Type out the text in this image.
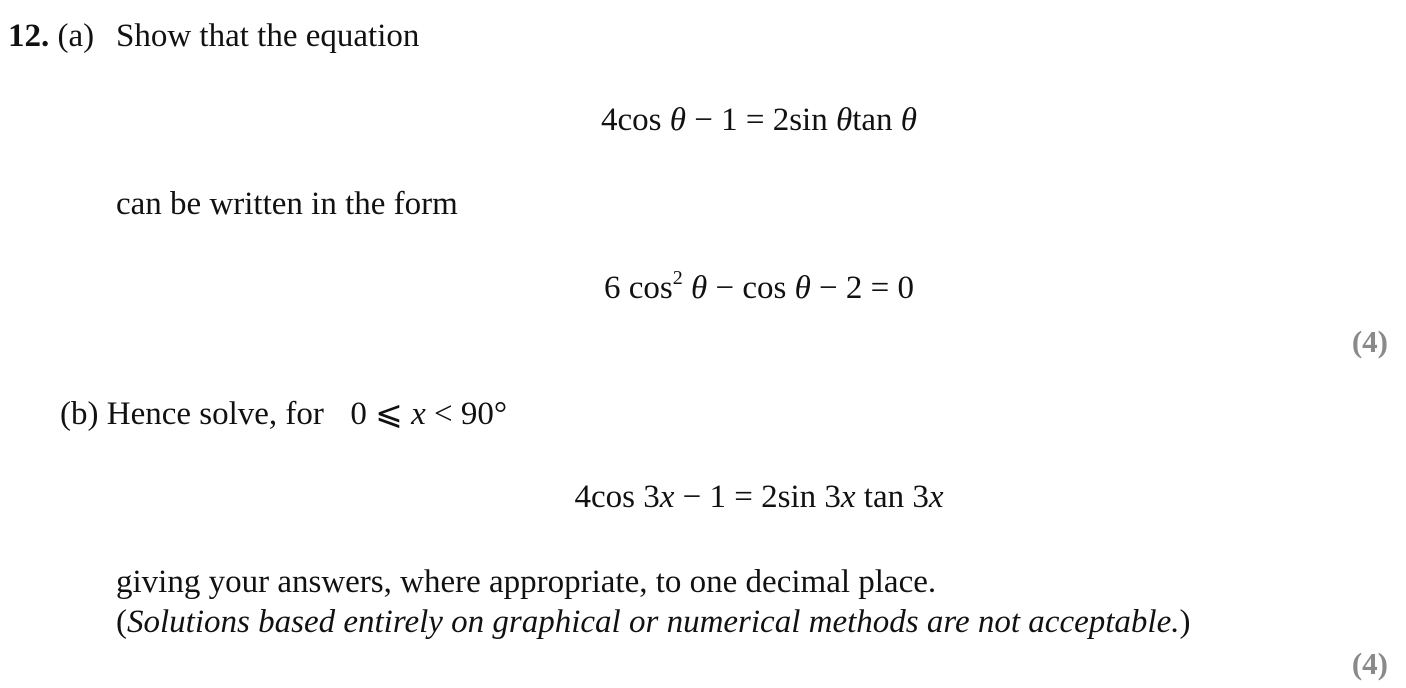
12. (a) Show that the equation
4cos θ − 1 = 2sin θtan θ
can be written in the form
6 $\cos^2 \theta - \cos \theta - 2 = 0$
(4)
(b) Hence solve, for 0 ⩽ x < 90°
4cos 3x − 1 = 2sin 3x tan 3x
giving your answers, where appropriate, to one decimal place.
(Solutions based entirely on graphical or numerical methods are not acceptable.)
(4)
